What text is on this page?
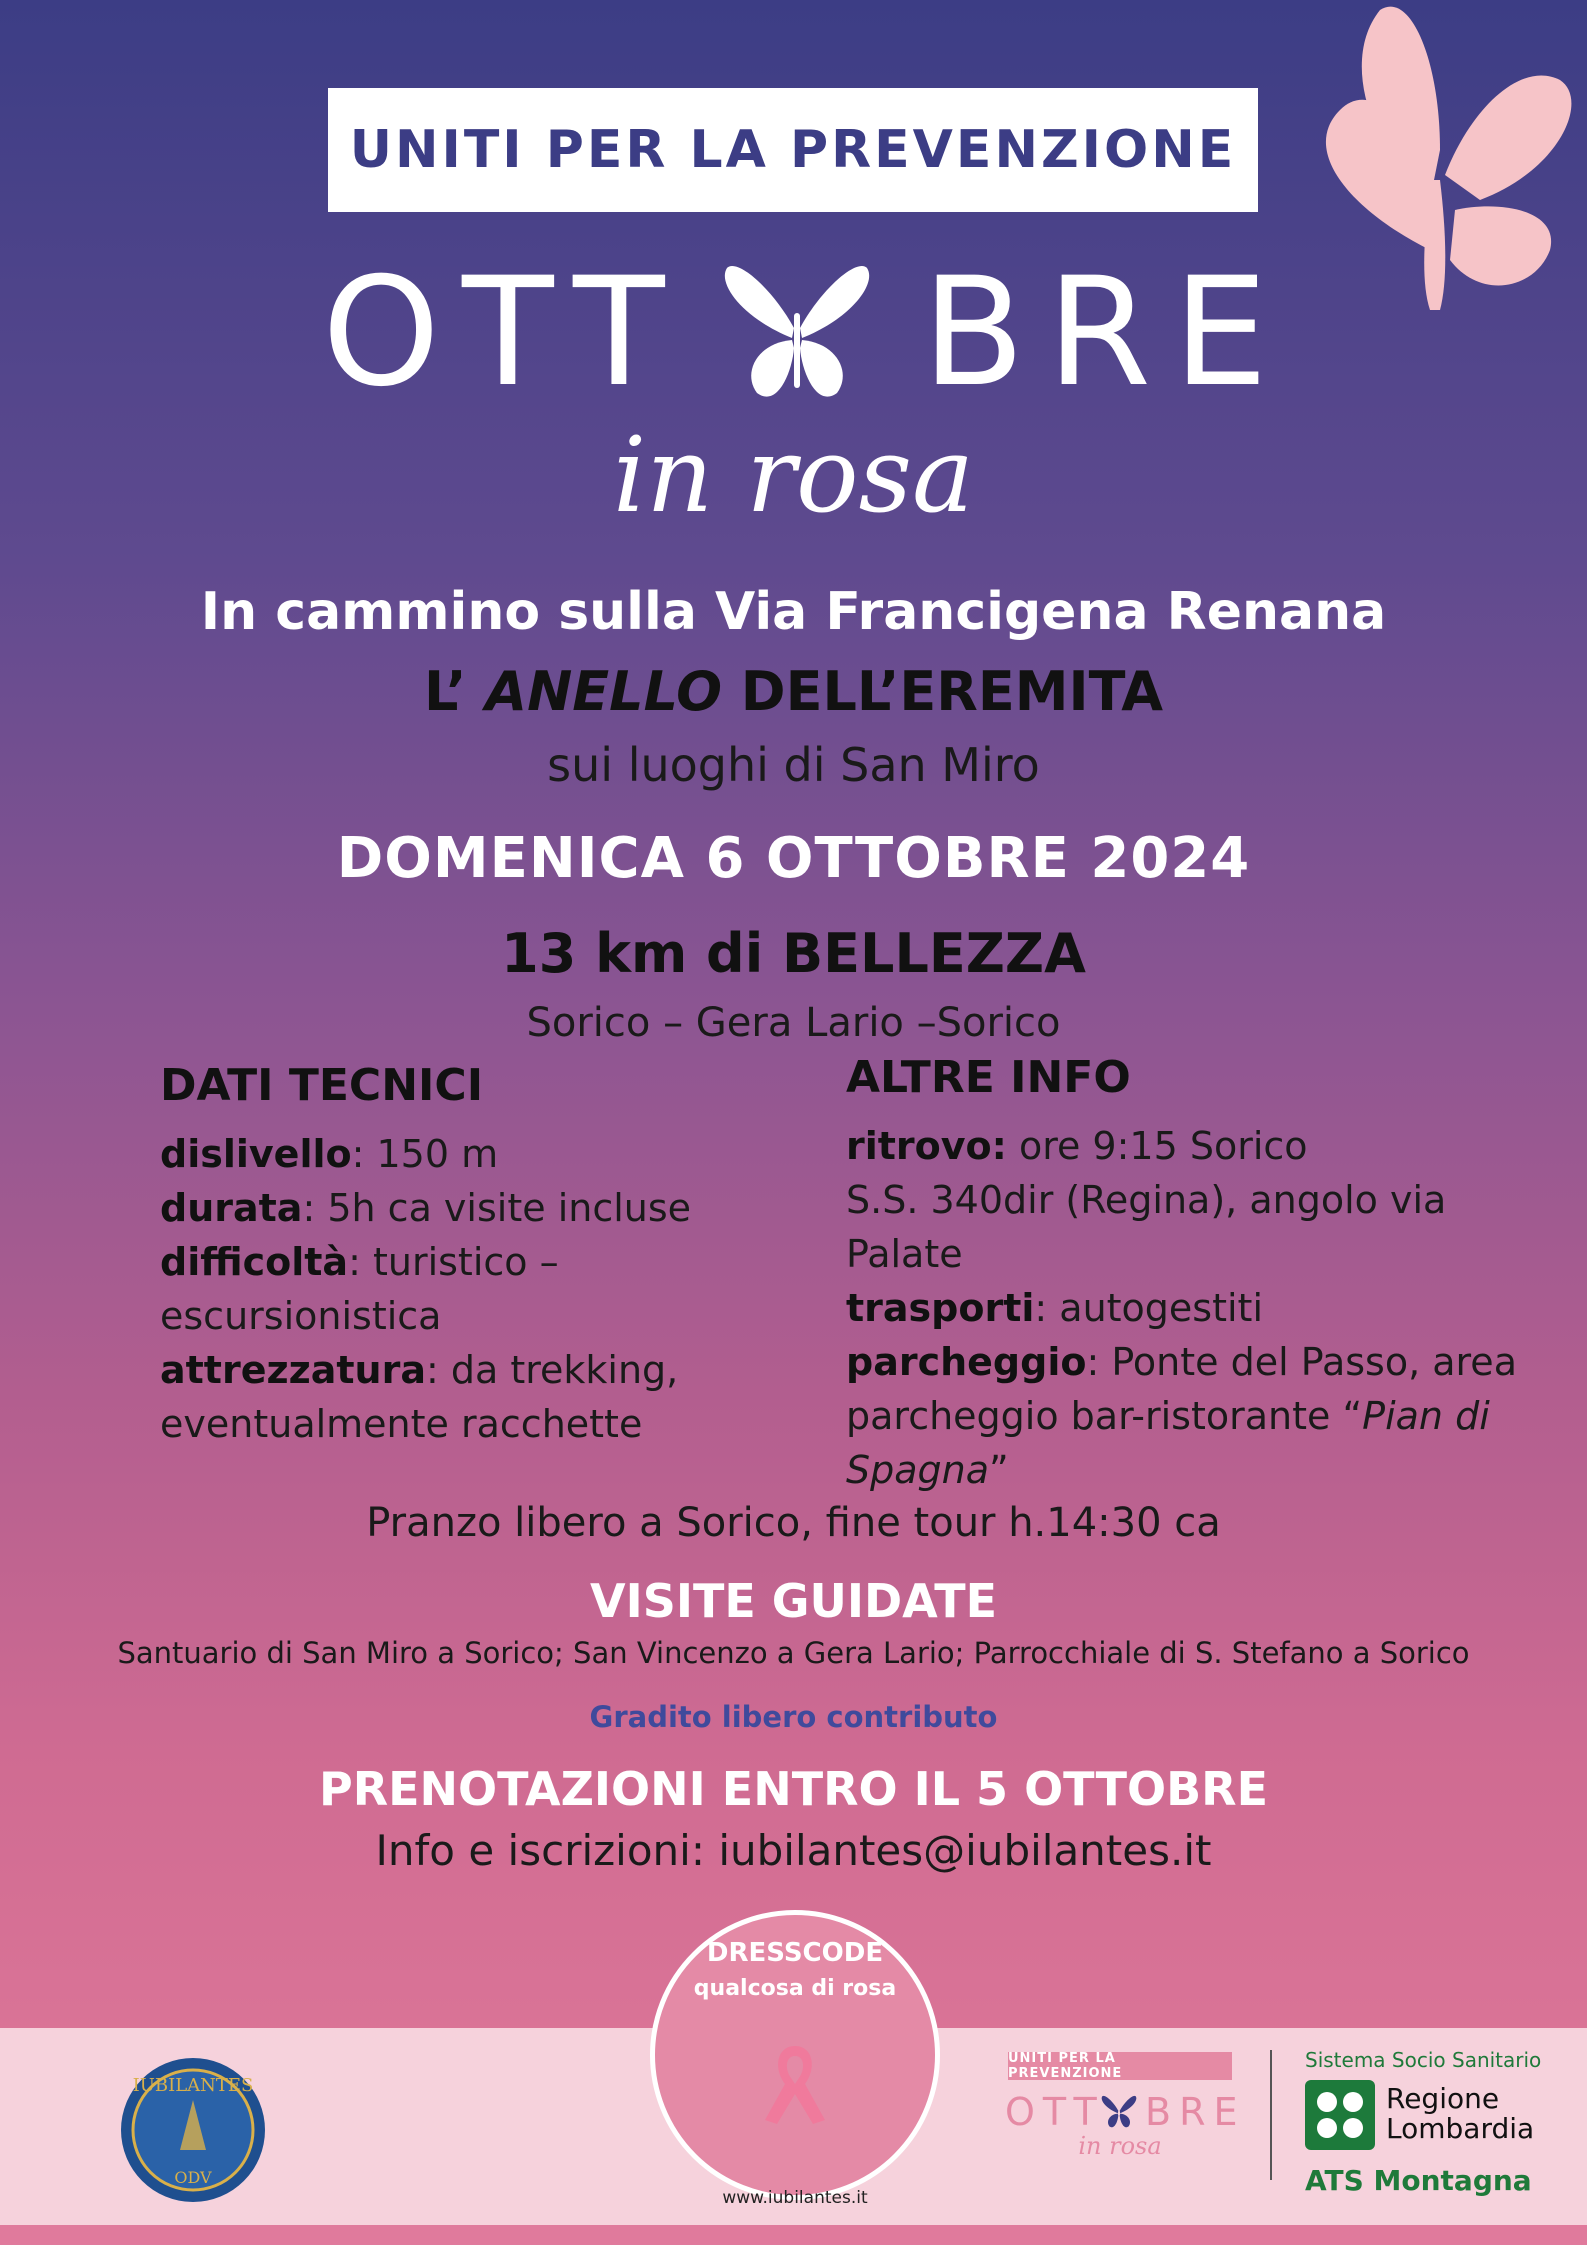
UNITI PER LA PREVENZIONE
OTT BRE
in rosa
In cammino sulla Via Francigena Renana
L’ ANELLO DELL’EREMITA
sui luoghi di San Miro
DOMENICA 6 OTTOBRE 2024
13 km di BELLEZZA
Sorico – Gera Lario –Sorico
DATI TECNICI
dislivello: 150 m
durata: 5h ca visite incluse
difficoltà: turistico –
escursionistica
attrezzatura: da trekking,
eventualmente racchette
ALTRE INFO
ritrovo: ore 9:15 Sorico
S.S. 340dir (Regina), angolo via Palate
trasporti: autogestiti
parcheggio: Ponte del Passo, area
parcheggio bar-ristorante “Pian di
Spagna”
Pranzo libero a Sorico, fine tour h.14:30 ca
VISITE GUIDATE
Santuario di San Miro a Sorico; San Vincenzo a Gera Lario; Parrocchiale di S. Stefano a Sorico
Gradito libero contributo
PRENOTAZIONI ENTRO IL 5 OTTOBRE
Info e iscrizioni: iubilantes@iubilantes.it
DRESSCODE
qualcosa di rosa
www.iubilantes.it
IUBILANTES
ODV
UNITI PER LA PREVENZIONE
OTT BRE
in rosa
Sistema Socio Sanitario
Regione
Lombardia
ATS Montagna
